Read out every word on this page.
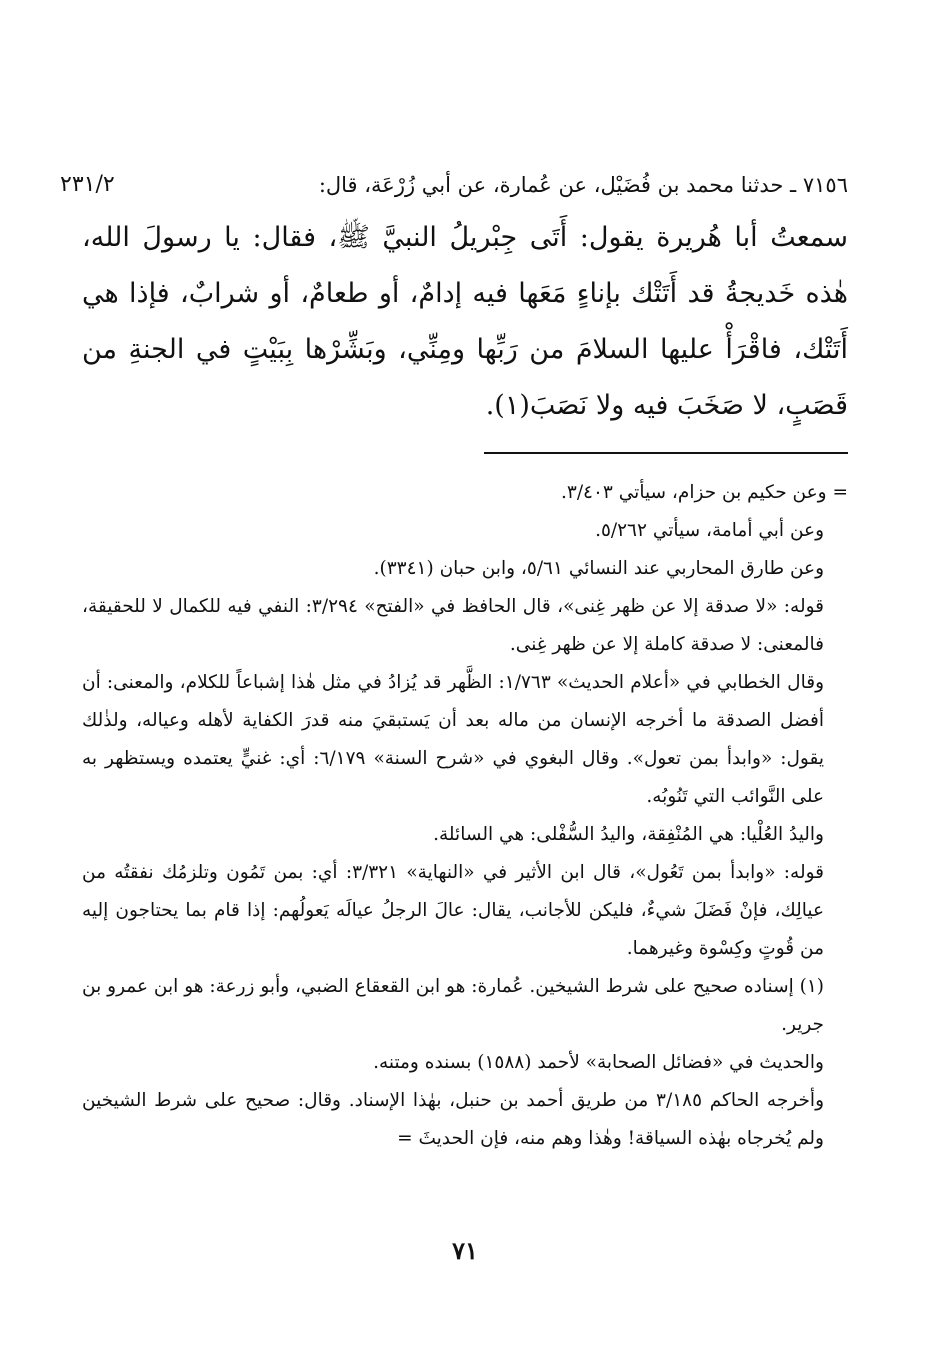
٢٣١/٢	٧١٥٦ ـ حدثنا محمد بن فُضَيْل، عن عُمارة، عن أبي زُرْعَة، قال:

سمعتُ أبا هُريرة يقول: أَتَى جِبْريلُ النبيَّ ﷺ، فقال: يا رسولَ الله، هٰذه خَديجةُ قد أَتَتْك بإناءٍ مَعَها فيه إدامٌ، أو طعامٌ، أو شرابٌ، فإذا هي أَتَتْك، فاقْرَأْ عليها السلامَ من رَبِّها ومِنِّي، وبَشِّرْها بِبَيْتٍ في الجنةِ من قَصَبٍ، لا صَخَبَ فيه ولا نَصَبَ(١).

= وعن حكيم بن حزام، سيأتي ٣/٤٠٣.

وعن أبي أمامة، سيأتي ٥/٢٦٢.

وعن طارق المحاربي عند النسائي ٥/٦١، وابن حبان (٣٣٤١).

قوله: «لا صدقة إلا عن ظهر غِنى»، قال الحافظ في «الفتح» ٣/٢٩٤: النفي فيه للكمال لا للحقيقة، فالمعنى: لا صدقة كاملة إلا عن ظهر غِنى.

وقال الخطابي في «أعلام الحديث» ١/٧٦٣: الظَّهر قد يُزادُ في مثل هٰذا إشباعاً للكلام، والمعنى: أن أفضل الصدقة ما أخرجه الإنسان من ماله بعد أن يَستبقيَ منه قدرَ الكفاية لأهله وعياله، ولذٰلك يقول: «وابدأ بمن تعول». وقال البغوي في «شرح السنة» ٦/١٧٩: أي: غنيٍّ يعتمده ويستظهر به على النَّوائب التي تَنُوبُه.

واليدُ العُلْيا: هي المُنْفِقة، واليدُ السُّفْلى: هي السائلة.

قوله: «وابدأ بمن تَعُول»، قال ابن الأثير في «النهاية» ٣/٣٢١: أي: بمن تَمُون وتلزمُك نفقتُه من عيالِك، فإنْ فَضَلَ شيءٌ، فليكن للأجانب، يقال: عالَ الرجلُ عيالَه يَعولُهم: إذا قام بما يحتاجون إليه من قُوتٍ وكِسْوة وغيرهما.

(١) إسناده صحيح على شرط الشيخين. عُمارة: هو ابن القعقاع الضبي، وأبو زرعة: هو ابن عمرو بن جرير.

والحديث في «فضائل الصحابة» لأحمد (١٥٨٨) بسنده ومتنه.

وأخرجه الحاكم ٣/١٨٥ من طريق أحمد بن حنبل، بهٰذا الإسناد. وقال: صحيح على شرط الشيخين ولم يُخرجاه بهٰذه السياقة! وهٰذا وهم منه، فإن الحديثَ =

٧١
